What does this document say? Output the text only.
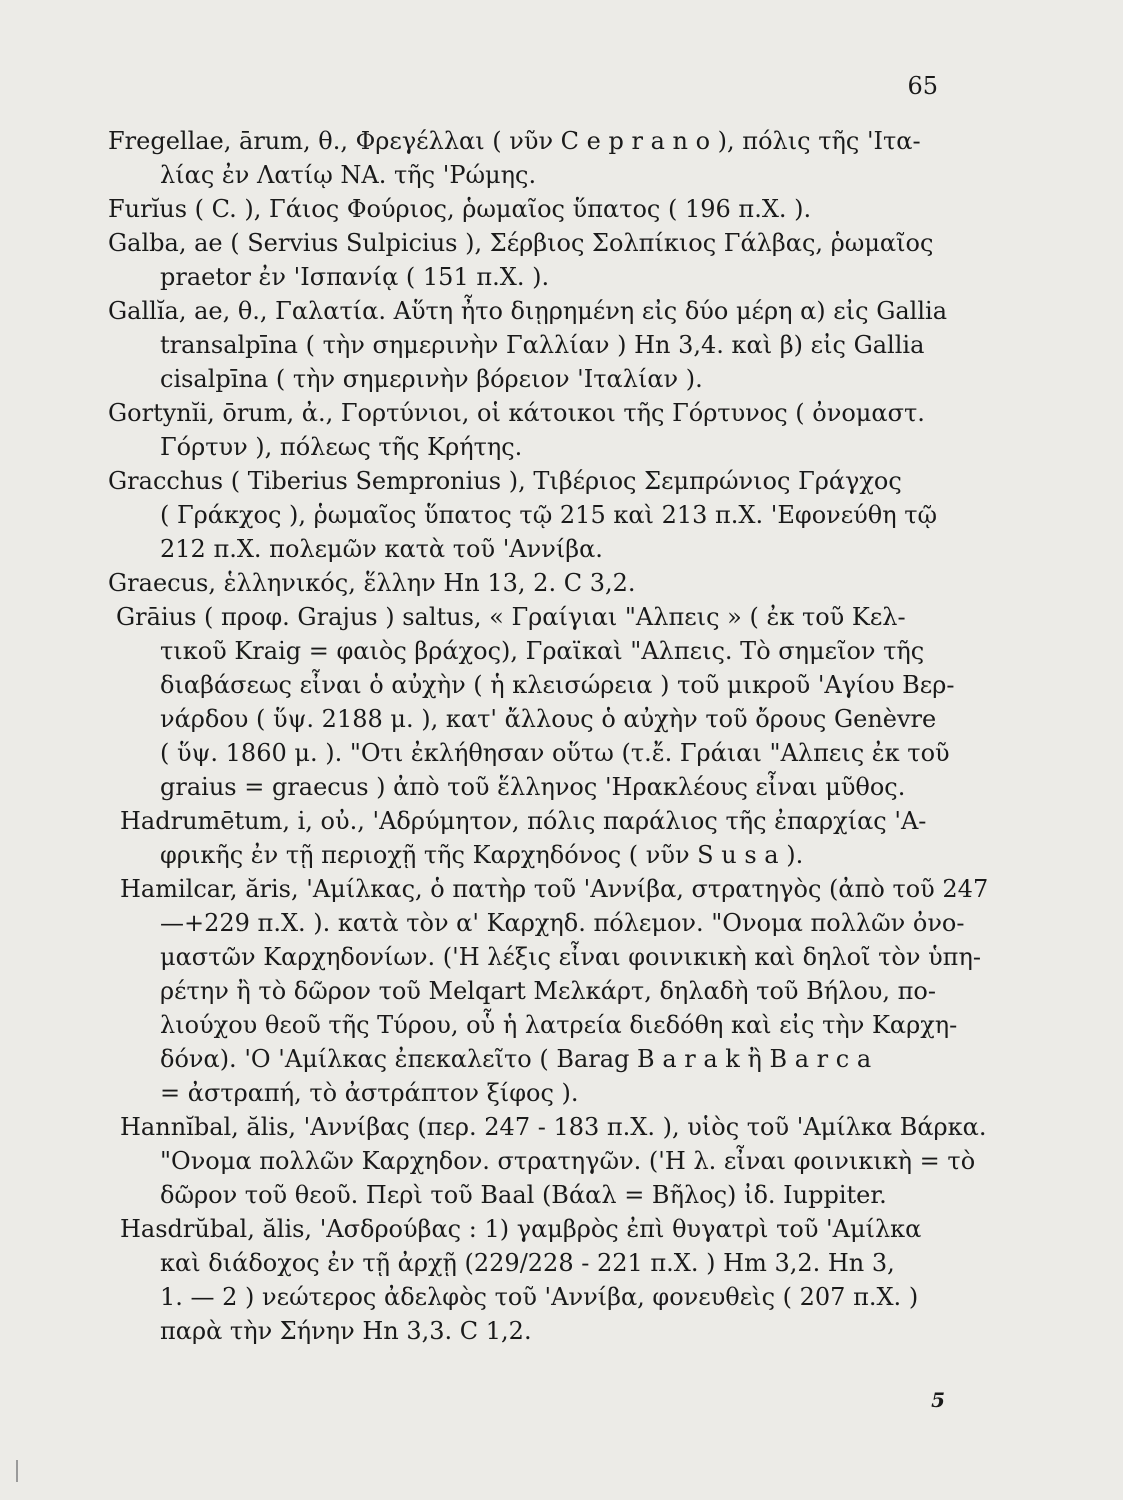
65
Fregellae, ārum, θ., Φρεγέλλαι ( νῦν C e p r a n o ), πόλις τῆς 'Ιτα-
λίας ἐν Λατίῳ ΝΑ. τῆς 'Ρώμης.
Furĭus ( C. ), Γάιος Φούριος, ῥωμαῖος ὕπατος ( 196 π.Χ. ).
Galba, ae ( Servius Sulpicius ), Σέρβιος Σολπίκιος Γάλβας, ῥωμαῖος
praetor ἐν 'Ισπανίᾳ ( 151 π.Χ. ).
Gallĭa, ae, θ., Γαλατία. Αὕτη ἦτο διῃρημένη εἰς δύο μέρη α) εἰς Gallia
transalpīna ( τὴν σημερινὴν Γαλλίαν ) Hn 3,4. καὶ β) εἰς Gallia
cisalpīna ( τὴν σημερινὴν βόρειον 'Ιταλίαν ).
Gortynĭi, ōrum, ἀ., Γορτύνιοι, οἱ κάτοικοι τῆς Γόρτυνος ( ὀνομαστ.
Γόρτυν ), πόλεως τῆς Κρήτης.
Gracchus ( Tiberius Sempronius ), Τιβέριος Σεμπρώνιος Γράγχος
( Γράκχος ), ῥωμαῖος ὕπατος τῷ 215 καὶ 213 π.Χ. 'Εφονεύθη τῷ
212 π.Χ. πολεμῶν κατὰ τοῦ 'Αννίβα.
Graecus, ἑλληνικός, ἕλλην Hn 13, 2. C 3,2.
Grāius ( προφ. Grajus ) saltus, « Γραίγιαι "Αλπεις » ( ἐκ τοῦ Κελ-
τικοῦ Kraig = φαιὸς βράχος), Γραϊκαὶ "Αλπεις. Τὸ σημεῖον τῆς
διαβάσεως εἶναι ὁ αὐχὴν ( ἡ κλεισώρεια ) τοῦ μικροῦ 'Αγίου Βερ-
νάρδου ( ὕψ. 2188 μ. ), κατ' ἄλλους ὁ αὐχὴν τοῦ ὄρους Genèvre
( ὕψ. 1860 μ. ). "Οτι ἐκλήθησαν οὕτω (τ.ἔ. Γράιαι "Αλπεις ἐκ τοῦ
graius = graecus ) ἀπὸ τοῦ ἕλληνος 'Ηρακλέους εἶναι μῦθος.
Hadrumētum, i, οὐ., 'Αδρύμητον, πόλις παράλιος τῆς ἐπαρχίας 'Α-
φρικῆς ἐν τῇ περιοχῇ τῆς Καρχηδόνος ( νῦν S u s a ).
Hamilcar, ăris, 'Αμίλκας, ὁ πατὴρ τοῦ 'Αννίβα, στρατηγὸς (ἀπὸ τοῦ 247
—+229 π.Χ. ). κατὰ τὸν α' Καρχηδ. πόλεμον. "Ονομα πολλῶν ὀνο-
μαστῶν Καρχηδονίων. ('Η λέξις εἶναι φοινικικὴ καὶ δηλοῖ τὸν ὑπη-
ρέτην ἢ τὸ δῶρον τοῦ Melqart Μελκάρτ, δηλαδὴ τοῦ Βήλου, πο-
λιούχου θεοῦ τῆς Τύρου, οὗ ἡ λατρεία διεδόθη καὶ εἰς τὴν Καρχη-
δόνα). 'Ο 'Αμίλκας ἐπεκαλεῖτο ( Barag B a r a k ἢ B a r c a
= ἀστραπή, τὸ ἀστράπτον ξίφος ).
Hannĭbal, ălis, 'Αννίβας (περ. 247 - 183 π.Χ. ), υἱὸς τοῦ 'Αμίλκα Βάρκα.
"Ονομα πολλῶν Καρχηδον. στρατηγῶν. ('Η λ. εἶναι φοινικικὴ = τὸ
δῶρον τοῦ θεοῦ. Περὶ τοῦ Baal (Βάαλ = Βῆλος) ἰδ. Iuppiter.
Hasdrŭbal, ălis, 'Ασδρούβας : 1) γαμβρὸς ἐπὶ θυγατρὶ τοῦ 'Αμίλκα
καὶ διάδοχος ἐν τῇ ἀρχῇ (229/228 - 221 π.Χ. ) Hm 3,2. Hn 3,
1. — 2 ) νεώτερος ἀδελφὸς τοῦ 'Αννίβα, φονευθεὶς ( 207 π.Χ. )
παρὰ τὴν Σήνην Hn 3,3. C 1,2.
5
